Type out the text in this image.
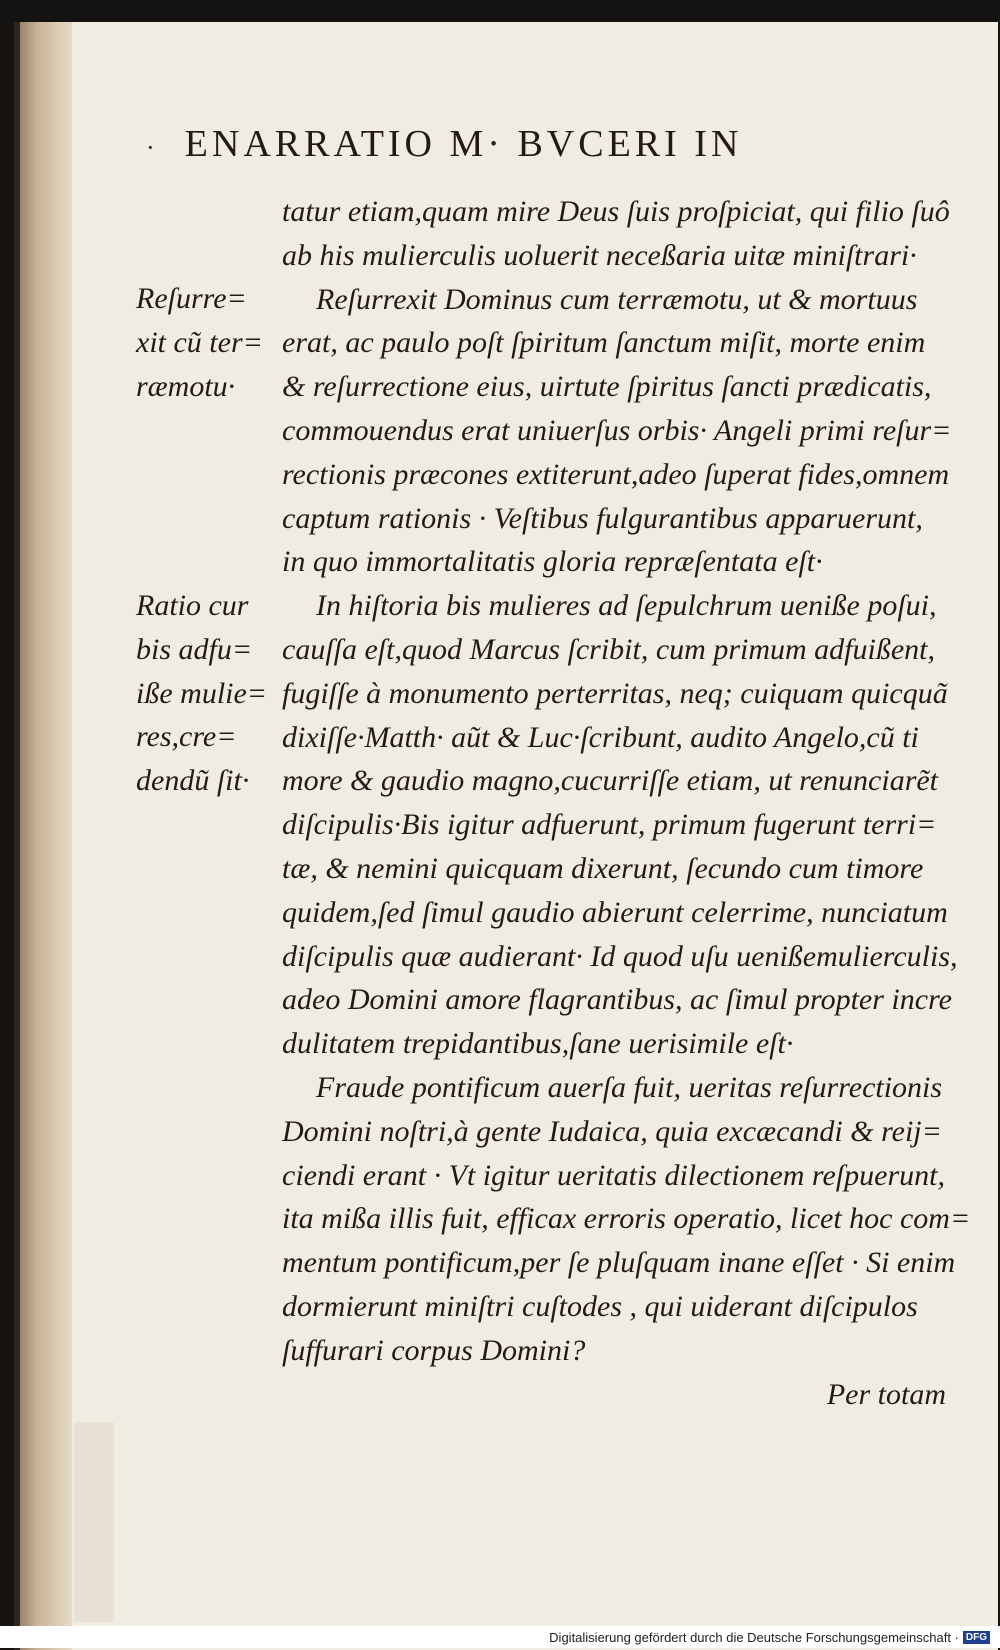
· ENARRATIO M· BVCERI IN
tatur etiam,quam mire Deus ſuis proſpiciat, qui filio ſuô
ab his mulierculis uoluerit neceßaria uitæ miniſtrari·
Reſurrexit Dominus cum terræmotu, ut & mortuus
erat, ac paulo poſt ſpiritum ſanctum miſit, morte enim
& reſurrectione eius, uirtute ſpiritus ſancti prædicatis,
commouendus erat uniuerſus orbis· Angeli primi reſur=
rectionis præcones extiterunt,adeo ſuperat fides,omnem
captum rationis · Veſtibus fulgurantibus apparuerunt,
in quo immortalitatis gloria repræſentata eſt·
In hiſtoria bis mulieres ad ſepulchrum ueniße poſui,
cauſſa eſt,quod Marcus ſcribit, cum primum adfuißent,
fugiſſe à monumento perterritas, neq; cuiquam quicquã
dixiſſe·Matth· aũt & Luc·ſcribunt, audito Angelo,cũ ti
more & gaudio magno,cucurriſſe etiam, ut renunciarẽt
diſcipulis·Bis igitur adfuerunt, primum fugerunt terri=
tæ, & nemini quicquam dixerunt, ſecundo cum timore
quidem,ſed ſimul gaudio abierunt celerrime, nunciatum
diſcipulis quæ audierant· Id quod uſu uenißemulierculis,
adeo Domini amore flagrantibus, ac ſimul propter incre
dulitatem trepidantibus,ſane uerisimile eſt·
Fraude pontificum auerſa fuit, ueritas reſurrectionis
Domini noſtri,à gente Iudaica, quia excæcandi & reij=
ciendi erant · Vt igitur ueritatis dilectionem reſpuerunt,
ita mißa illis fuit, efficax erroris operatio, licet hoc com=
mentum pontificum,per ſe pluſquam inane eſſet · Si enim
dormierunt miniſtri cuſtodes , qui uiderant diſcipulos
ſuffurari corpus Domini?
Per totam
Reſurre=
xit cũ ter=
ræmotu·
Ratio cur
bis adfu=
iße mulie=
res,cre=
dendũ ſit·
Digitalisierung gefördert durch die Deutsche Forschungsgemeinschaft · DFG
